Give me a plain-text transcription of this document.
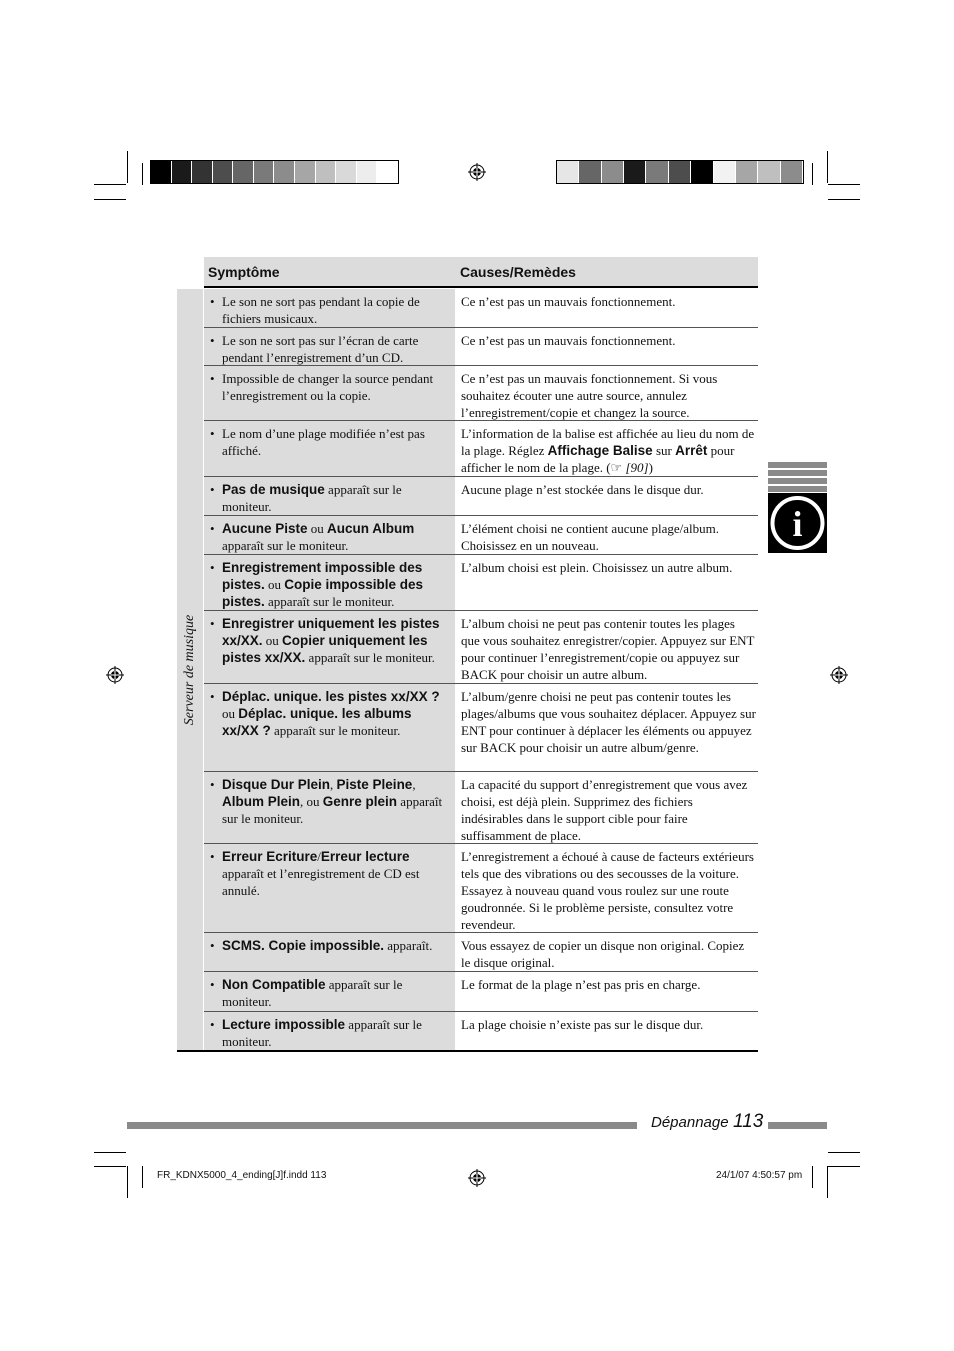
Symptôme	Causes/Remèdes
Serveur de musique
• Le son ne sort pas pendant la copie de fichiers musicaux.
Ce n’est pas un mauvais fonctionnement.
• Le son ne sort pas sur l’écran de carte pendant l’enregistrement d’un CD.
Ce n’est pas un mauvais fonctionnement.
• Impossible de changer la source pendant l’enregistrement ou la copie.
Ce n’est pas un mauvais fonctionnement. Si vous souhaitez écouter une autre source, annulez l’enregistrement/copie et changez la source.
• Le nom d’une plage modifiée n’est pas affiché.
L’information de la balise est affichée au lieu du nom de la plage. Réglez Affichage Balise sur Arrêt pour afficher le nom de la plage. (☞ [90])
• Pas de musique apparaît sur le moniteur.
Aucune plage n’est stockée dans le disque dur.
• Aucune Piste ou Aucun Album apparaît sur le moniteur.
L’élément choisi ne contient aucune plage/album. Choisissez en un nouveau.
• Enregistrement impossible des pistes. ou Copie impossible des pistes. apparaît sur le moniteur.
L’album choisi est plein. Choisissez un autre album.
• Enregistrer uniquement les pistes xx/XX. ou Copier uniquement les pistes xx/XX. apparaît sur le moniteur.
L’album choisi ne peut pas contenir toutes les plages que vous souhaitez enregistrer/copier. Appuyez sur ENT pour continuer l’enregistrement/copie ou appuyez sur BACK pour choisir un autre album.
• Déplac. unique. les pistes xx/XX ? ou Déplac. unique. les albums xx/XX ? apparaît sur le moniteur.
L’album/genre choisi ne peut pas contenir toutes les plages/albums que vous souhaitez déplacer. Appuyez sur ENT pour continuer à déplacer les éléments ou appuyez sur BACK pour choisir un autre album/genre.
• Disque Dur Plein, Piste Pleine, Album Plein, ou Genre plein apparaît sur le moniteur.
La capacité du support d’enregistrement que vous avez choisi, est déjà plein. Supprimez des fichiers indésirables dans le support cible pour faire suffisamment de place.
• Erreur Ecriture/Erreur lecture apparaît et l’enregistrement de CD est annulé.
L’enregistrement a échoué à cause de facteurs extérieurs tels que des vibrations ou des secousses de la voiture. Essayez à nouveau quand vous roulez sur une route goudronnée. Si le problème persiste, consultez votre revendeur.
• SCMS. Copie impossible. apparaît.	Vous essayez de copier un disque non original. Copiez le disque original.
• Non Compatible apparaît sur le moniteur.
Le format de la plage n’est pas pris en charge.
• Lecture impossible apparaît sur le moniteur.
La plage choisie n’existe pas sur le disque dur.
i
Dépannage 113
FR_KDNX5000_4_ending[J]f.indd 113	24/1/07 4:50:57 pm
